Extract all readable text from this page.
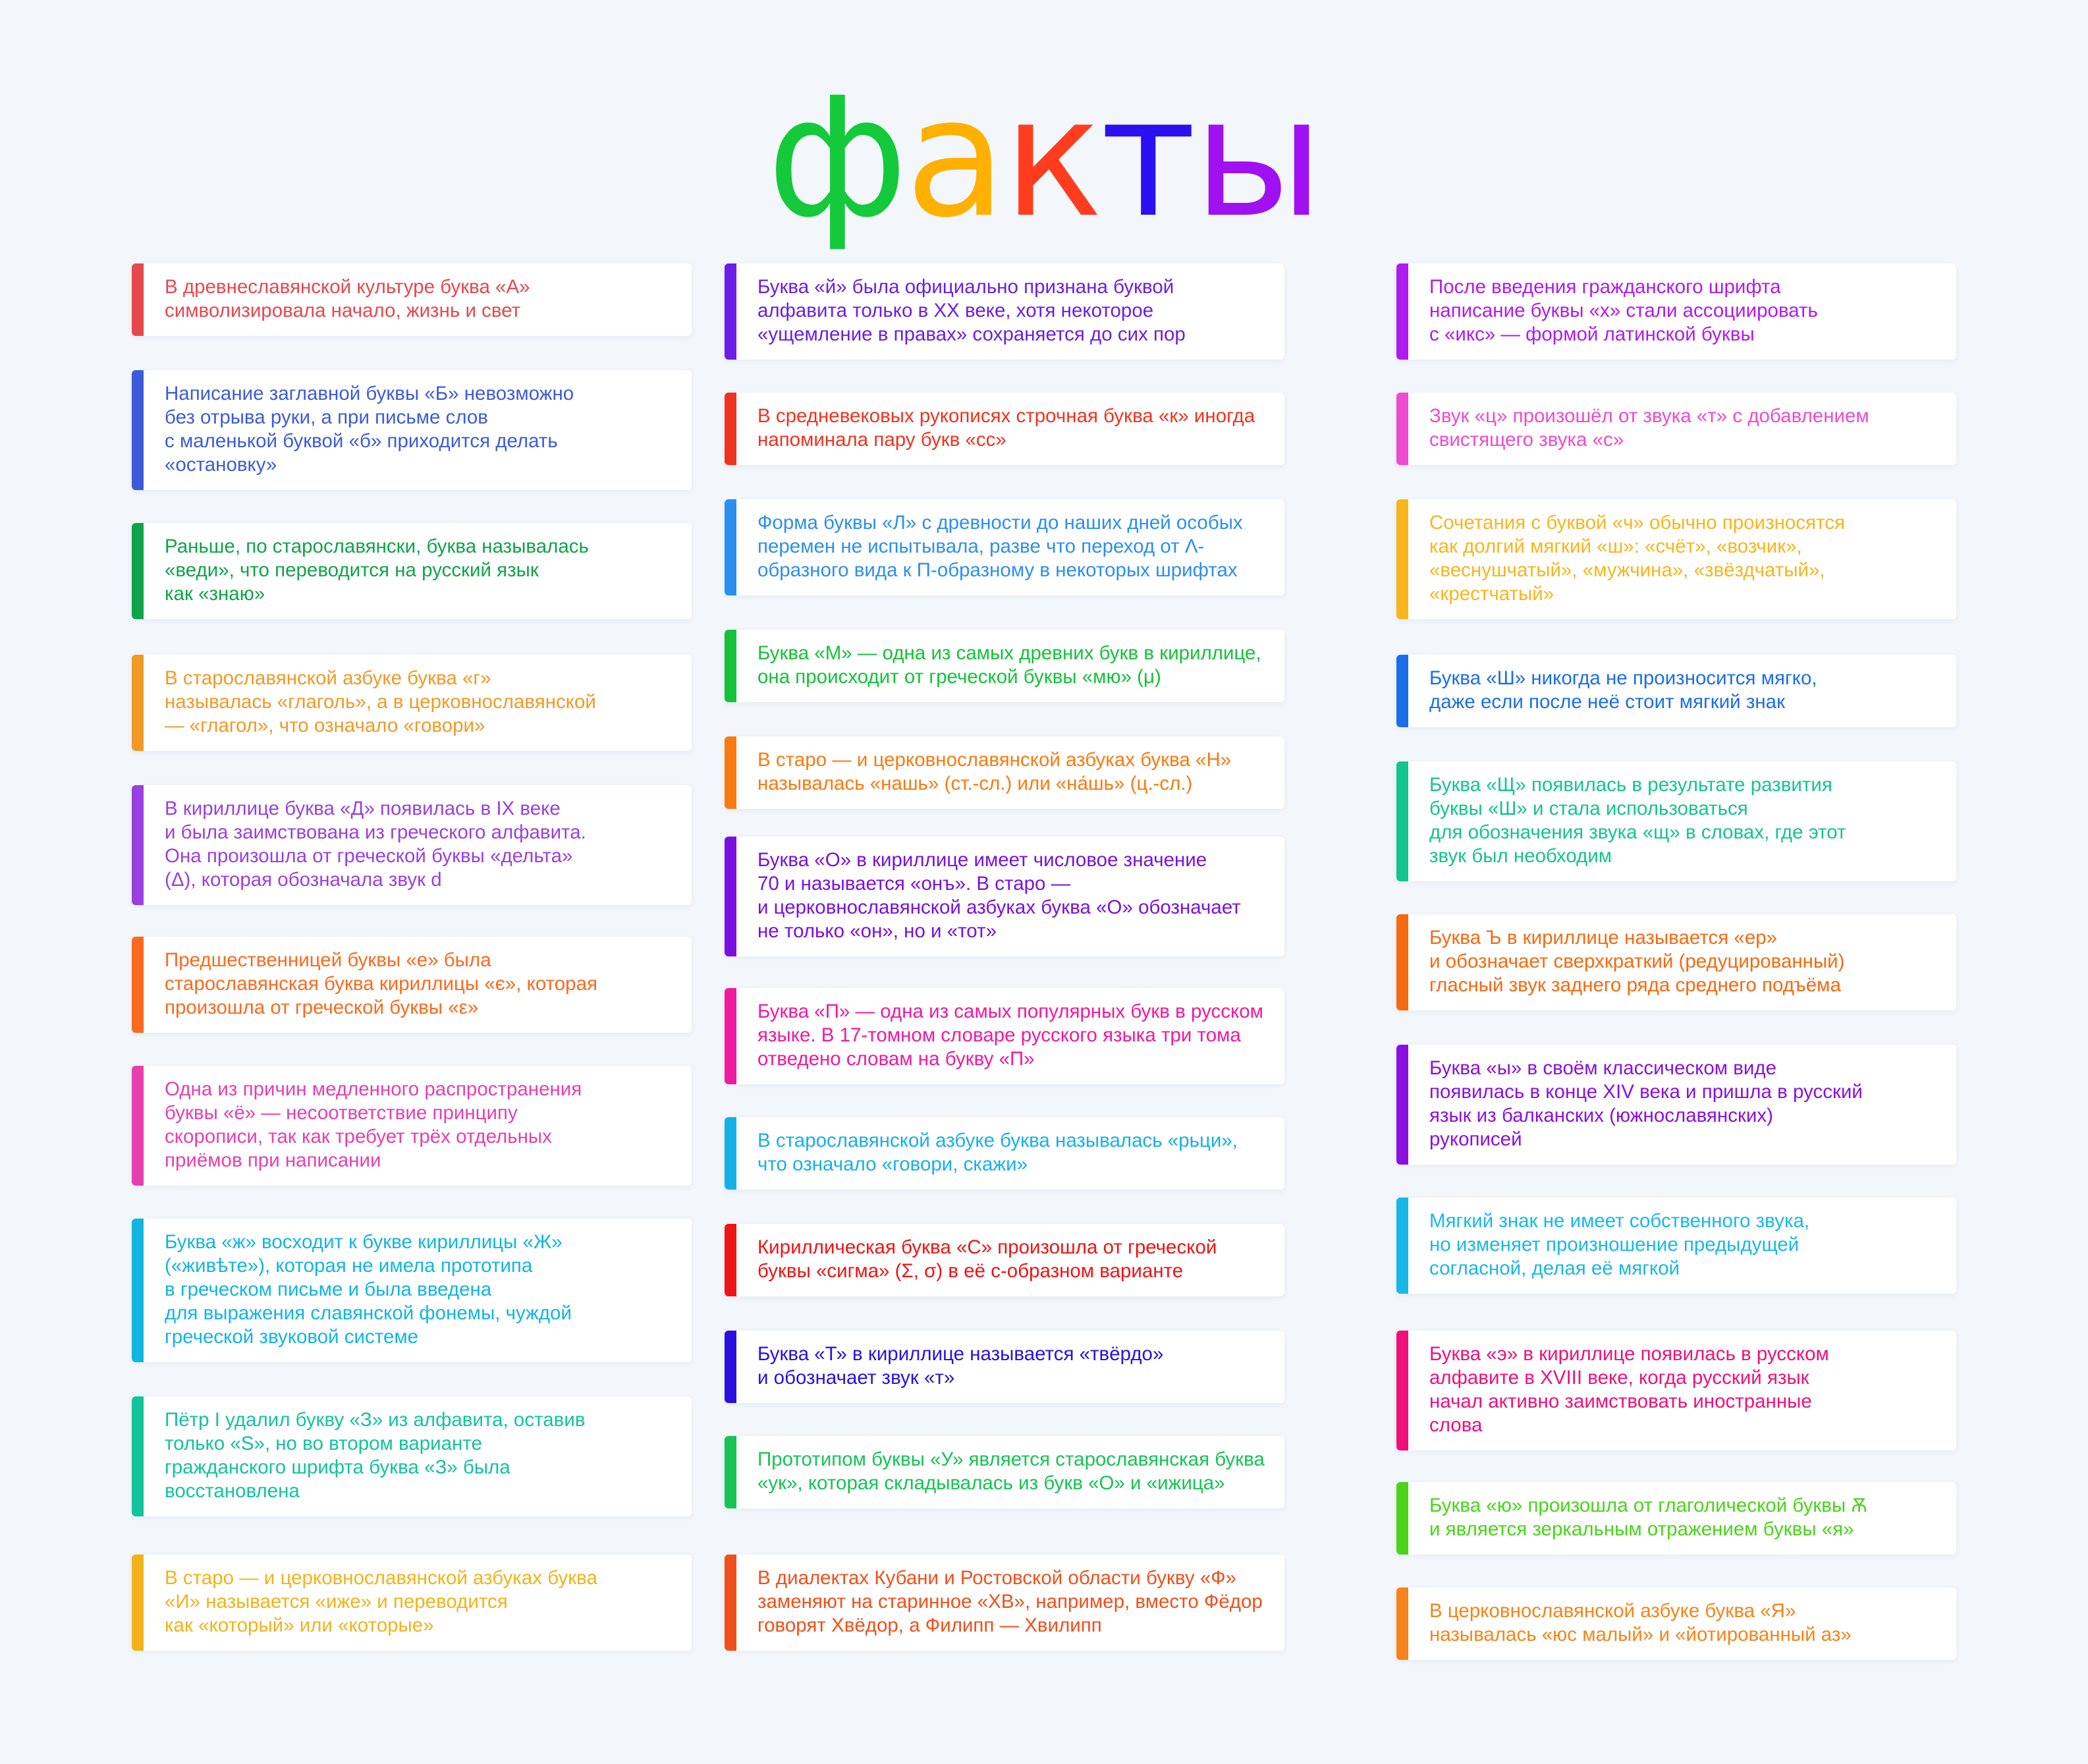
факты
В древнеславянской культуре буква «А»
символизировала начало, жизнь и свет
Написание заглавной буквы «Б» невозможно
без отрыва руки, а при письме слов
с маленькой буквой «б» приходится делать
«остановку»
Раньше, по старославянски, буква называлась
«веди», что переводится на русский язык
как «знаю»
В старославянской азбуке буква «г»
называлась «глаголь», а в церковнославянской
— «глагол», что означало «говори»
В кириллице буква «Д» появилась в IX веке
и была заимствована из греческого алфавита.
Она произошла от греческой буквы «дельта»
(Δ), которая обозначала звук d
Предшественницей буквы «е» была
старославянская буква кириллицы «є», которая
произошла от греческой буквы «ε»
Одна из причин медленного распространения
буквы «ё» — несоответствие принципу
скорописи, так как требует трёх отдельных
приёмов при написании
Буква «ж» восходит к букве кириллицы «Ж»
(«живѣте»), которая не имела прототипа
в греческом письме и была введена
для выражения славянской фонемы, чуждой
греческой звуковой системе
Пётр I удалил букву «З» из алфавита, оставив
только «S», но во втором варианте
гражданского шрифта буква «З» была
восстановлена
В старо — и церковнославянской азбуках буква
«И» называется «иже» и переводится
как «который» или «которые»
Буква «й» была официально признана буквой
алфавита только в XX веке, хотя некоторое
«ущемление в правах» сохраняется до сих пор
В средневековых рукописях строчная буква «к» иногда
напоминала пару букв «сс»
Форма буквы «Л» с древности до наших дней особых
перемен не испытывала, разве что переход от Λ-
образного вида к П-образному в некоторых шрифтах
Буква «М» — одна из самых древних букв в кириллице,
она происходит от греческой буквы «мю» (μ)
В старо — и церковнославянской азбуках буква «Н»
называлась «нашь» (ст.-сл.) или «на́шь» (ц.-сл.)
Буква «О» в кириллице имеет числовое значение
70 и называется «онъ». В старо —
и церковнославянской азбуках буква «О» обозначает
не только «он», но и «тот»
Буква «П» — одна из самых популярных букв в русском
языке. В 17-томном словаре русского языка три тома
отведено словам на букву «П»
В старославянской азбуке буква называлась «рьци»,
что означало «говори, скажи»
Кириллическая буква «С» произошла от греческой
буквы «сигма» (Σ, σ) в её с-образном варианте
Буква «Т» в кириллице называется «твёрдо»
и обозначает звук «т»
Прототипом буквы «У» является старославянская буква
«ук», которая складывалась из букв «О» и «ижица»
В диалектах Кубани и Ростовской области букву «Ф»
заменяют на старинное «ХВ», например, вместо Фёдор
говорят Хвёдор, а Филипп — Хвилипп
После введения гражданского шрифта
написание буквы «х» стали ассоциировать
с «икс» — формой латинской буквы
Звук «ц» произошёл от звука «т» с добавлением
свистящего звука «с»
Сочетания с буквой «ч» обычно произносятся
как долгий мягкий «ш»: «счёт», «возчик»,
«веснушчатый», «мужчина», «звёздчатый»,
«крестчатый»
Буква «Ш» никогда не произносится мягко,
даже если после неё стоит мягкий знак
Буква «Щ» появилась в результате развития
буквы «Ш» и стала использоваться
для обозначения звука «щ» в словах, где этот
звук был необходим
Буква Ъ в кириллице называется «ер»
и обозначает сверхкраткий (редуцированный)
гласный звук заднего ряда среднего подъёма
Буква «ы» в своём классическом виде
появилась в конце XIV века и пришла в русский
язык из балканских (южнославянских)
рукописей
Мягкий знак не имеет собственного звука,
но изменяет произношение предыдущей
согласной, делая её мягкой
Буква «э» в кириллице появилась в русском
алфавите в XVIII веке, когда русский язык
начал активно заимствовать иностранные
слова
Буква «ю» произошла от глаголической буквы Ѫ
и является зеркальным отражением буквы «я»
В церковнославянской азбуке буква «Я»
называлась «юс малый» и «йотированный аз»
